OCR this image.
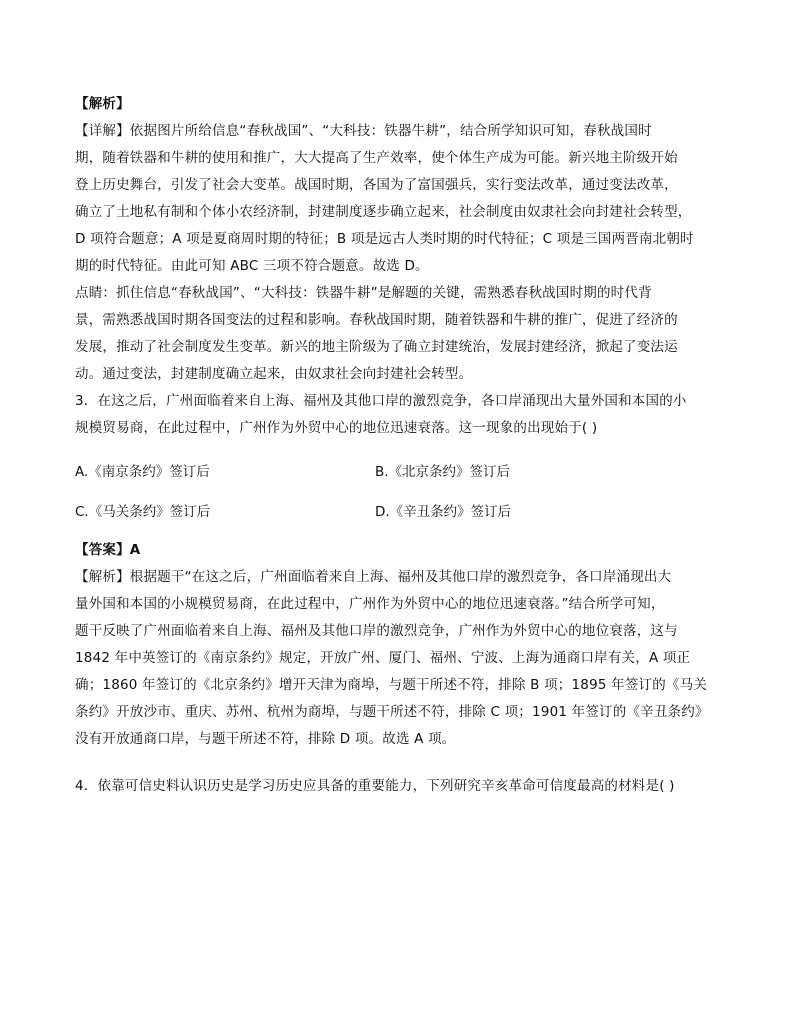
【解析】
【详解】依据图片所给信息“春秋战国”、“大科技：铁器牛耕”，结合所学知识可知，春秋战国时
期，随着铁器和牛耕的使用和推广，大大提高了生产效率，使个体生产成为可能。新兴地主阶级开始
登上历史舞台，引发了社会大变革。战国时期，各国为了富国强兵，实行变法改革，通过变法改革，
确立了土地私有制和个体小农经济制，封建制度逐步确立起来，社会制度由奴隶社会向封建社会转型，
D 项符合题意；A 项是夏商周时期的特征；B 项是远古人类时期的时代特征；C 项是三国两晋南北朝时
期的时代特征。由此可知 ABC 三项不符合题意。故选 D。
点睛：抓住信息“春秋战国”、“大科技：铁器牛耕”是解题的关键，需熟悉春秋战国时期的时代背
景，需熟悉战国时期各国变法的过程和影响。春秋战国时期，随着铁器和牛耕的推广，促进了经济的
发展，推动了社会制度发生变革。新兴的地主阶级为了确立封建统治，发展封建经济，掀起了变法运
动。通过变法，封建制度确立起来，由奴隶社会向封建社会转型。
3．在这之后，广州面临着来自上海、福州及其他口岸的激烈竞争，各口岸涌现出大量外国和本国的小
规模贸易商，在此过程中，广州作为外贸中心的地位迅速衰落。这一现象的出现始于( )
A.《南京条约》签订后	B.《北京条约》签订后
C.《马关条约》签订后	D.《辛丑条约》签订后
【答案】A
【解析】根据题干“在这之后，广州面临着来自上海、福州及其他口岸的激烈竞争，各口岸涌现出大
量外国和本国的小规模贸易商，在此过程中，广州作为外贸中心的地位迅速衰落。”结合所学可知，
题干反映了广州面临着来自上海、福州及其他口岸的激烈竞争，广州作为外贸中心的地位衰落，这与
1842 年中英签订的《南京条约》规定，开放广州、厦门、福州、宁波、上海为通商口岸有关，A 项正
确；1860 年签订的《北京条约》增开天津为商埠，与题干所述不符，排除 B 项；1895 年签订的《马关
条约》开放沙市、重庆、苏州、杭州为商埠，与题干所述不符，排除 C 项；1901 年签订的《辛丑条约》
没有开放通商口岸，与题干所述不符，排除 D 项。故选 A 项。
4．依靠可信史料认识历史是学习历史应具备的重要能力，下列研究辛亥革命可信度最高的材料是( )
